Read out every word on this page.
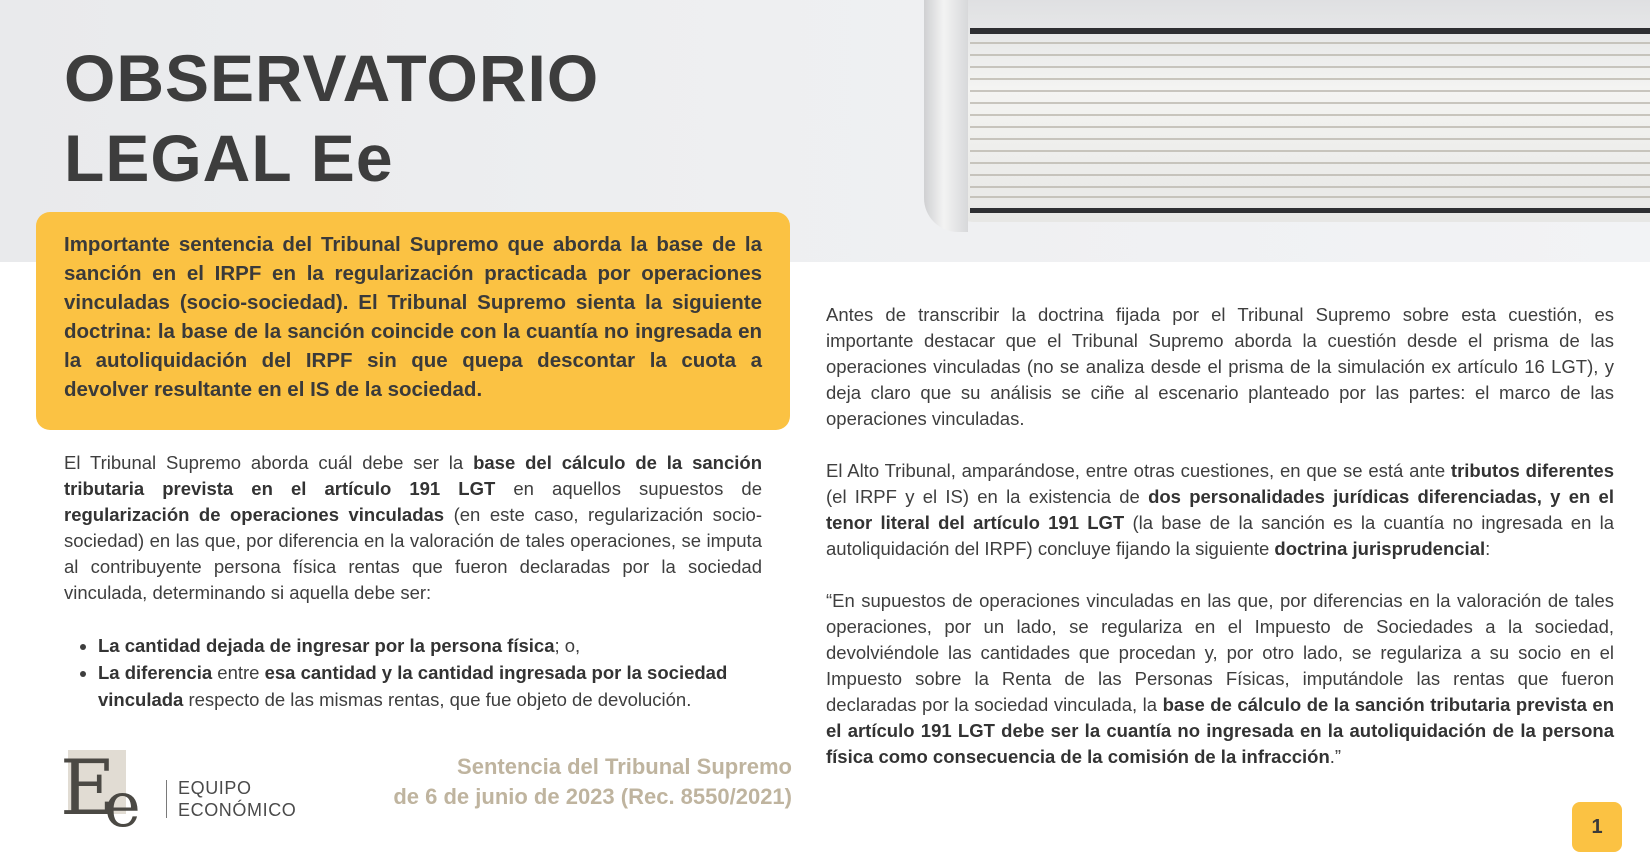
OBSERVATORIO
LEGAL Ee

Importante sentencia del Tribunal Supremo que aborda la base de la sanción en el IRPF en la regularización practicada por operaciones vinculadas (socio-sociedad). El Tribunal Supremo sienta la siguiente doctrina: la base de la sanción coincide con la cuantía no ingresada en la autoliquidación del IRPF sin que quepa descontar la cuota a devolver resultante en el IS de la sociedad.

El Tribunal Supremo aborda cuál debe ser la base del cálculo de la sanción tributaria prevista en el artículo 191 LGT en aquellos supuestos de regularización de operaciones vinculadas (en este caso, regularización socio-sociedad) en las que, por diferencia en la valoración de tales operaciones, se imputa al contribuyente persona física rentas que fueron declaradas por la sociedad vinculada, determinando si aquella debe ser:

• La cantidad dejada de ingresar por la persona física; o,
• La diferencia entre esa cantidad y la cantidad ingresada por la sociedad vinculada respecto de las mismas rentas, que fue objeto de devolución.
E
e EQUIPO
ECONÓMICO

Sentencia del Tribunal Supremo
de 6 de junio de 2023 (Rec. 8550/2021)

Antes de transcribir la doctrina fijada por el Tribunal Supremo sobre esta cuestión, es importante destacar que el Tribunal Supremo aborda la cuestión desde el prisma de las operaciones vinculadas (no se analiza desde el prisma de la simulación ex artículo 16 LGT), y deja claro que su análisis se ciñe al escenario planteado por las partes: el marco de las operaciones vinculadas.

El Alto Tribunal, amparándose, entre otras cuestiones, en que se está ante tributos diferentes (el IRPF y el IS) en la existencia de dos personalidades jurídicas diferenciadas, y en el tenor literal del artículo 191 LGT (la base de la sanción es la cuantía no ingresada en la autoliquidación del IRPF) concluye fijando la siguiente doctrina jurisprudencial:

“En supuestos de operaciones vinculadas en las que, por diferencias en la valoración de tales operaciones, por un lado, se regulariza en el Impuesto de Sociedades a la sociedad, devolviéndole las cantidades que procedan y, por otro lado, se regulariza a su socio en el Impuesto sobre la Renta de las Personas Físicas, imputándole las rentas que fueron declaradas por la sociedad vinculada, la base de cálculo de la sanción tributaria prevista en el artículo 191 LGT debe ser la cuantía no ingresada en la autoliquidación de la persona física como consecuencia de la comisión de la infracción.”

1
